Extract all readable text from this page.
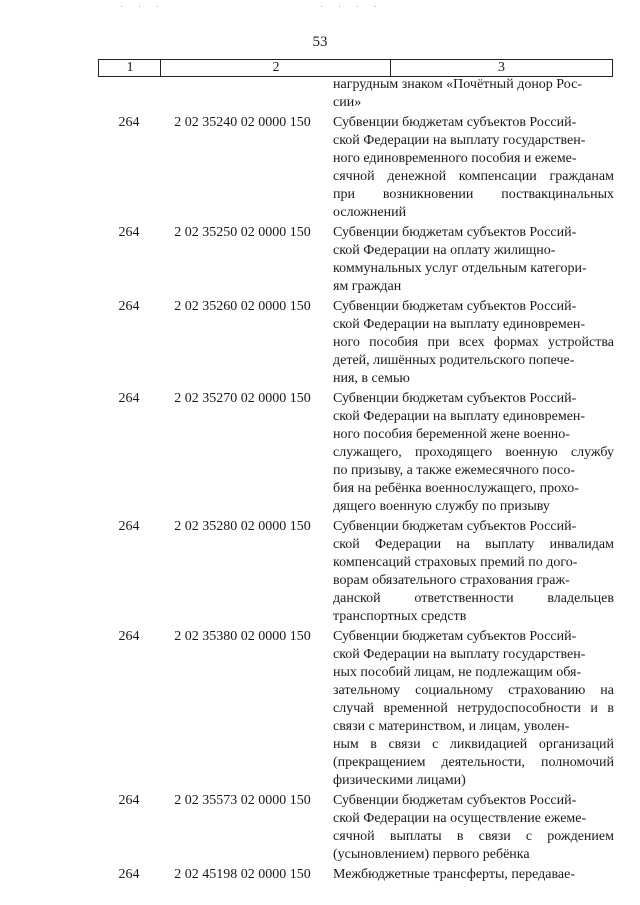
· · ·	· · · ·
53
1	2	3
нагрудным знаком «Почётный донор Рос-
сии»
264	2 02 35240 02 0000 150	Субвенции бюджетам субъектов Россий-
ской Федерации на выплату государствен-
ного единовременного пособия и ежеме-
сячной денежной компенсации гражданам
при возникновении поствакцинальных
осложнений
264	2 02 35250 02 0000 150	Субвенции бюджетам субъектов Россий-
ской Федерации на оплату жилищно-
коммунальных услуг отдельным категори-
ям граждан
264	2 02 35260 02 0000 150	Субвенции бюджетам субъектов Россий-
ской Федерации на выплату единовремен-
ного пособия при всех формах устройства
детей, лишённых родительского попече-
ния, в семью
264	2 02 35270 02 0000 150	Субвенции бюджетам субъектов Россий-
ской Федерации на выплату единовремен-
ного пособия беременной жене военно-
служащего, проходящего военную службу
по призыву, а также ежемесячного посо-
бия на ребёнка военнослужащего, прохо-
дящего военную службу по призыву
264	2 02 35280 02 0000 150	Субвенции бюджетам субъектов Россий-
ской Федерации на выплату инвалидам
компенсаций страховых премий по дого-
ворам обязательного страхования граж-
данской ответственности владельцев
транспортных средств
264	2 02 35380 02 0000 150	Субвенции бюджетам субъектов Россий-
ской Федерации на выплату государствен-
ных пособий лицам, не подлежащим обя-
зательному социальному страхованию на
случай временной нетрудоспособности и в
связи с материнством, и лицам, уволен-
ным в связи с ликвидацией организаций
(прекращением деятельности, полномочий
физическими лицами)
264	2 02 35573 02 0000 150	Субвенции бюджетам субъектов Россий-
ской Федерации на осуществление ежеме-
сячной выплаты в связи с рождением
(усыновлением) первого ребёнка
264	2 02 45198 02 0000 150	Межбюджетные трансферты, передавае-
